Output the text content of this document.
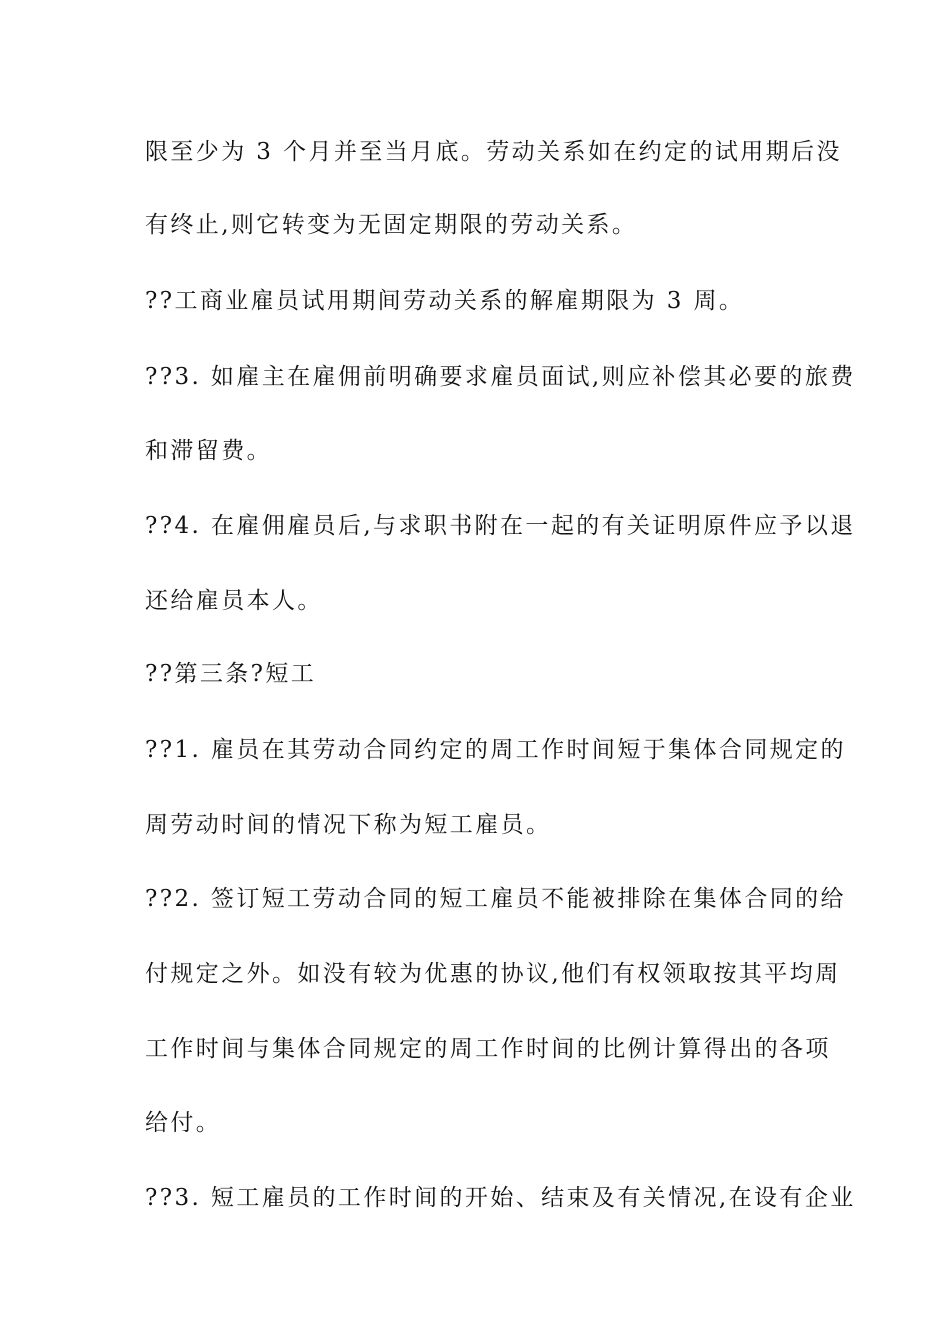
限至少为 3 个月并至当月底。劳动关系如在约定的试用期后没
有终止,则它转变为无固定期限的劳动关系。
??工商业雇员试用期间劳动关系的解雇期限为 3 周。
??3. 如雇主在雇佣前明确要求雇员面试,则应补偿其必要的旅费
和滞留费。
??4. 在雇佣雇员后,与求职书附在一起的有关证明原件应予以退
还给雇员本人。
??第三条?短工
??1. 雇员在其劳动合同约定的周工作时间短于集体合同规定的
周劳动时间的情况下称为短工雇员。
??2. 签订短工劳动合同的短工雇员不能被排除在集体合同的给
付规定之外。如没有较为优惠的协议,他们有权领取按其平均周
工作时间与集体合同规定的周工作时间的比例计算得出的各项
给付。
??3. 短工雇员的工作时间的开始、结束及有关情况,在设有企业
